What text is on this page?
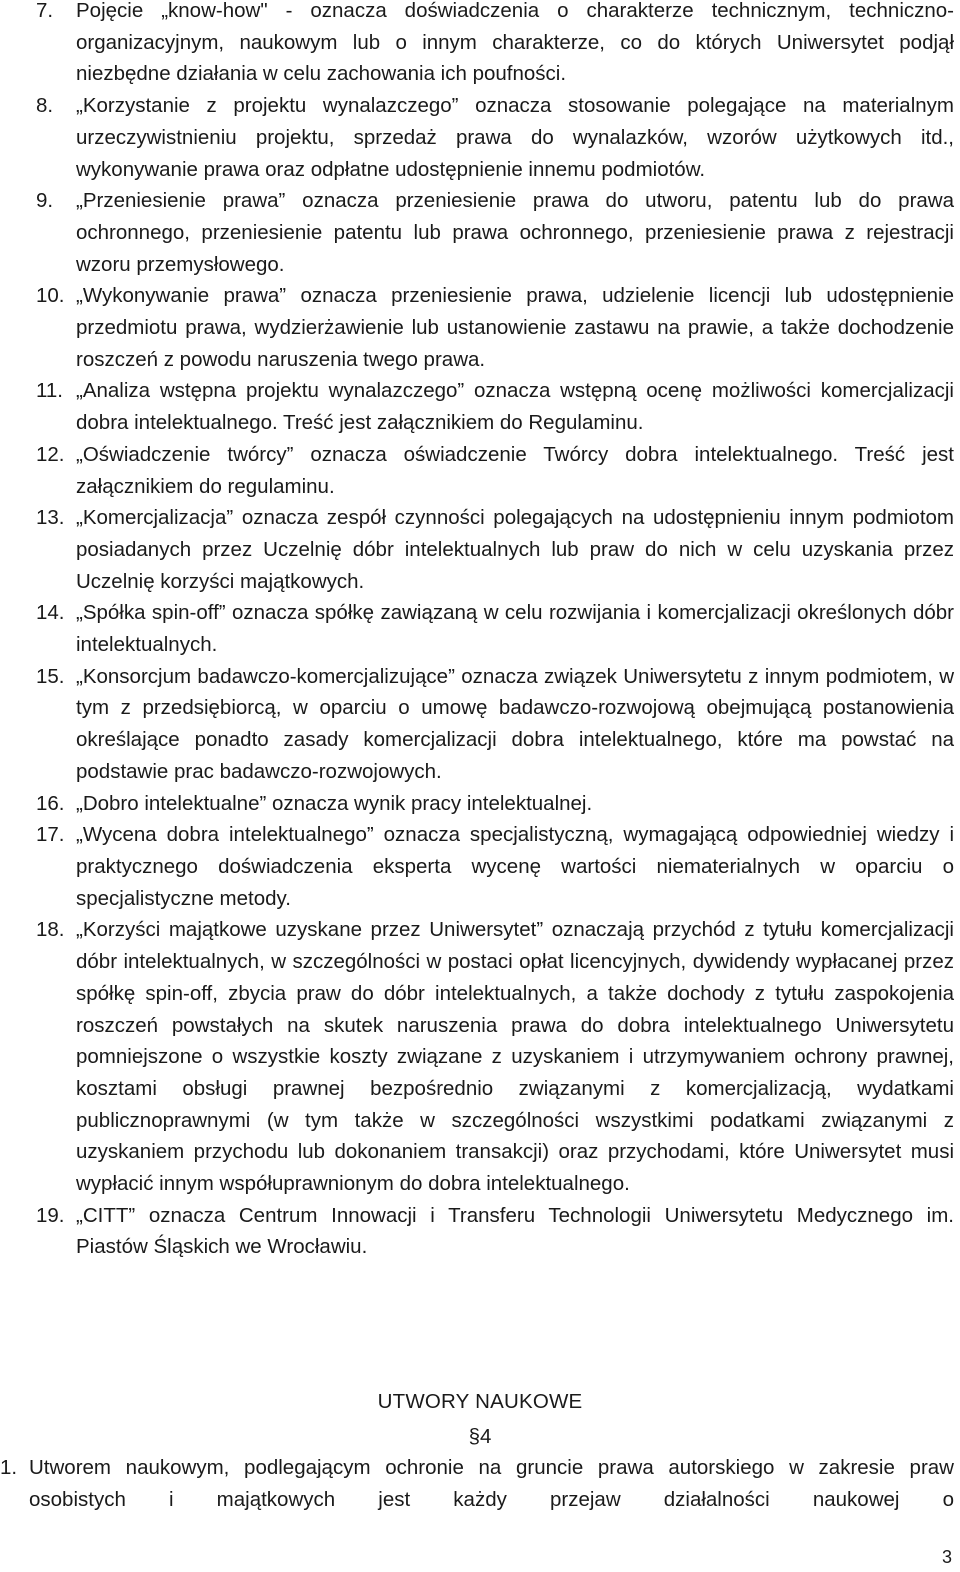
7. Pojęcie „know-how" - oznacza doświadczenia o charakterze technicznym, techniczno- organizacyjnym, naukowym lub o innym charakterze, co do których Uniwersytet podjął niezbędne działania w celu zachowania ich poufności.
8. „Korzystanie z projektu wynalazczego” oznacza stosowanie polegające na materialnym urzeczywistnieniu projektu, sprzedaż prawa do wynalazków, wzorów użytkowych itd., wykonywanie prawa oraz odpłatne udostępnienie innemu podmiotów.
9. „Przeniesienie prawa” oznacza przeniesienie prawa do utworu, patentu lub do prawa ochronnego, przeniesienie patentu lub prawa ochronnego, przeniesienie prawa z rejestracji wzoru przemysłowego.
10. „Wykonywanie prawa” oznacza przeniesienie prawa, udzielenie licencji lub udostępnienie przedmiotu prawa, wydzierżawienie lub ustanowienie zastawu na prawie, a także dochodzenie roszczeń z powodu naruszenia twego prawa.
11. „Analiza wstępna projektu wynalazczego” oznacza wstępną ocenę możliwości komercjalizacji dobra intelektualnego. Treść jest załącznikiem do Regulaminu.
12. „Oświadczenie twórcy” oznacza oświadczenie Twórcy dobra intelektualnego. Treść jest załącznikiem do regulaminu.
13. „Komercjalizacja” oznacza zespół czynności polegających na udostępnieniu innym podmiotom posiadanych przez Uczelnię dóbr intelektualnych lub praw do nich w celu uzyskania przez Uczelnię korzyści majątkowych.
14. „Spółka spin-off” oznacza spółkę zawiązaną w celu rozwijania i komercjalizacji określonych dóbr intelektualnych.
15. „Konsorcjum badawczo-komercjalizujące” oznacza związek Uniwersytetu z innym podmiotem, w tym z przedsiębiorcą, w oparciu o umowę badawczo-rozwojową obejmującą postanowienia określające ponadto zasady komercjalizacji dobra intelektualnego, które ma powstać na podstawie prac badawczo-rozwojowych.
16. „Dobro intelektualne” oznacza wynik pracy intelektualnej.
17. „Wycena dobra intelektualnego” oznacza specjalistyczną, wymagającą odpowiedniej wiedzy i praktycznego doświadczenia eksperta wycenę wartości niematerialnych w oparciu o specjalistyczne metody.
18. „Korzyści majątkowe uzyskane przez Uniwersytet” oznaczają przychód z tytułu komercjalizacji dóbr intelektualnych, w szczególności w postaci opłat licencyjnych, dywidendy wypłacanej przez spółkę spin-off, zbycia praw do dóbr intelektualnych, a także dochody z tytułu zaspokojenia roszczeń powstałych na skutek naruszenia prawa do dobra intelektualnego Uniwersytetu pomniejszone o wszystkie koszty związane z uzyskaniem i utrzymywaniem ochrony prawnej, kosztami obsługi prawnej bezpośrednio związanymi z komercjalizacją, wydatkami publicznoprawnymi (w tym także w szczególności wszystkimi podatkami związanymi z uzyskaniem przychodu lub dokonaniem transakcji) oraz przychodami, które Uniwersytet musi wypłacić innym współuprawnionym do dobra intelektualnego.
19. „CITT” oznacza Centrum Innowacji i Transferu Technologii Uniwersytetu Medycznego im. Piastów Śląskich we Wrocławiu.
UTWORY NAUKOWE

§4

1. Utworem naukowym, podlegającym ochronie na gruncie prawa autorskiego w zakresie praw osobistych i majątkowych jest każdy przejaw działalności naukowej o

3
